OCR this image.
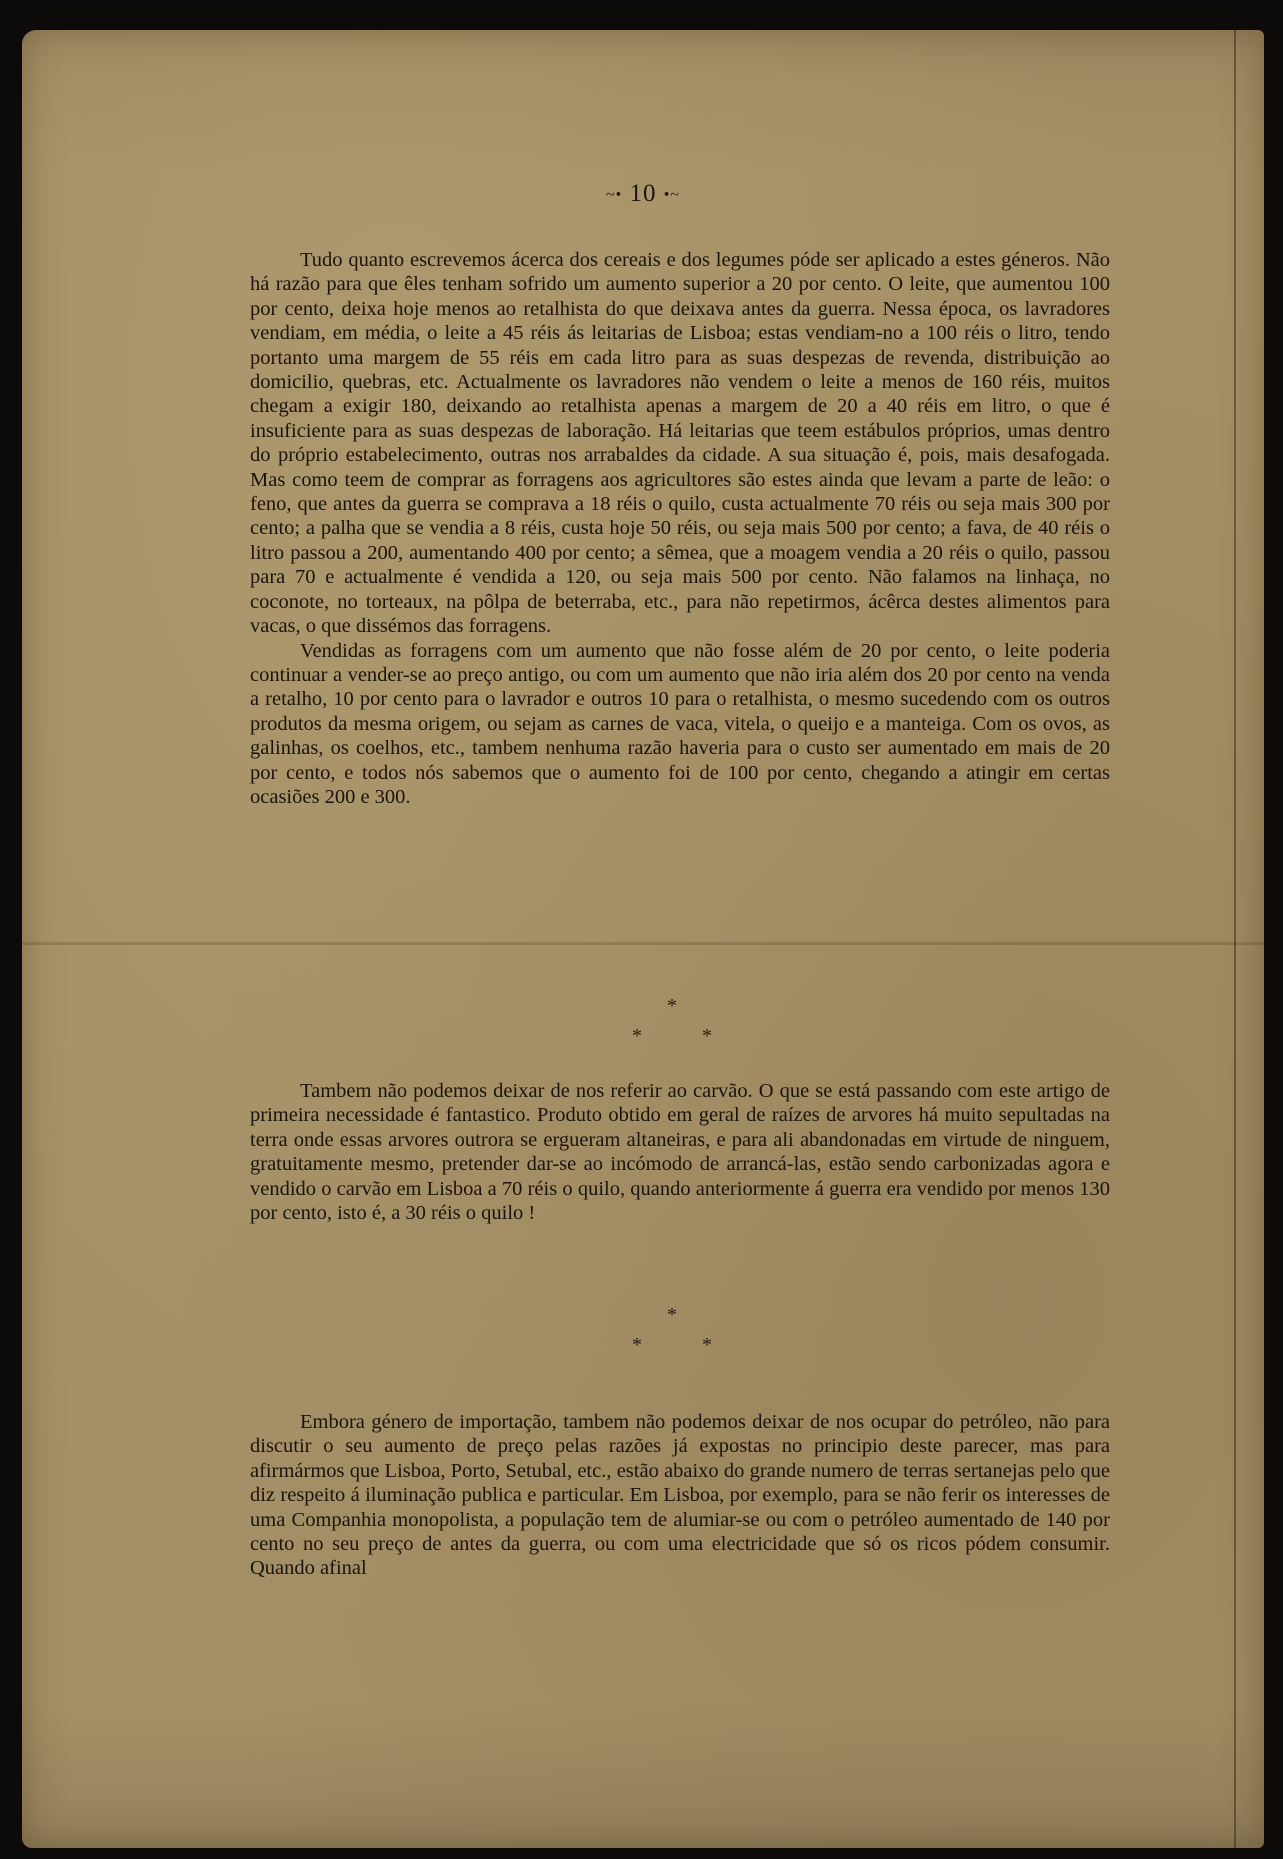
~• 10 •~

Tudo quanto escrevemos ácerca dos cereais e dos legumes póde ser aplicado a estes géneros. Não há razão para que êles tenham sofrido um aumento superior a 20 por cento. O leite, que aumentou 100 por cento, deixa hoje menos ao retalhista do que deixava antes da guerra. Nessa época, os lavradores vendiam, em média, o leite a 45 réis ás leitarias de Lisboa; estas vendiam-no a 100 réis o litro, tendo portanto uma margem de 55 réis em cada litro para as suas despezas de revenda, distribuição ao domicilio, quebras, etc. Actualmente os lavradores não vendem o leite a menos de 160 réis, muitos chegam a exigir 180, deixando ao retalhista apenas a margem de 20 a 40 réis em litro, o que é insuficiente para as suas despezas de laboração. Há leitarias que teem estábulos próprios, umas dentro do próprio estabelecimento, outras nos arrabaldes da cidade. A sua situação é, pois, mais desafogada. Mas como teem de comprar as forragens aos agricultores são estes ainda que levam a parte de leão: o feno, que antes da guerra se comprava a 18 réis o quilo, custa actualmente 70 réis ou seja mais 300 por cento; a palha que se vendia a 8 réis, custa hoje 50 réis, ou seja mais 500 por cento; a fava, de 40 réis o litro passou a 200, aumentando 400 por cento; a sêmea, que a moagem vendia a 20 réis o quilo, passou para 70 e actualmente é vendida a 120, ou seja mais 500 por cento. Não falamos na linhaça, no coconote, no torteaux, na pôlpa de beterraba, etc., para não repetirmos, ácêrca destes alimentos para vacas, o que dissémos das forragens.

Vendidas as forragens com um aumento que não fosse além de 20 por cento, o leite poderia continuar a vender-se ao preço antigo, ou com um aumento que não iria além dos 20 por cento na venda a retalho, 10 por cento para o lavrador e outros 10 para o retalhista, o mesmo sucedendo com os outros produtos da mesma origem, ou sejam as carnes de vaca, vitela, o queijo e a manteiga. Com os ovos, as galinhas, os coelhos, etc., tambem nenhuma razão haveria para o custo ser aumentado em mais de 20 por cento, e todos nós sabemos que o aumento foi de 100 por cento, chegando a atingir em certas ocasiões 200 e 300.

*
*	*

Tambem não podemos deixar de nos referir ao carvão. O que se está passando com este artigo de primeira necessidade é fantastico. Produto obtido em geral de raízes de arvores há muito sepultadas na terra onde essas arvores outrora se ergueram altaneiras, e para ali abandonadas em virtude de ninguem, gratuitamente mesmo, pretender dar-se ao incómodo de arrancá-las, estão sendo carbonizadas agora e vendido o carvão em Lisboa a 70 réis o quilo, quando anteriormente á guerra era vendido por menos 130 por cento, isto é, a 30 réis o quilo !

*
*	*

Embora género de importação, tambem não podemos deixar de nos ocupar do petróleo, não para discutir o seu aumento de preço pelas razões já expostas no principio deste parecer, mas para afirmármos que Lisboa, Porto, Setubal, etc., estão abaixo do grande numero de terras sertanejas pelo que diz respeito á iluminação publica e particular. Em Lisboa, por exemplo, para se não ferir os interesses de uma Companhia monopolista, a população tem de alumiar-se ou com o petróleo aumentado de 140 por cento no seu preço de antes da guerra, ou com uma electricidade que só os ricos pódem consumir. Quando afinal
